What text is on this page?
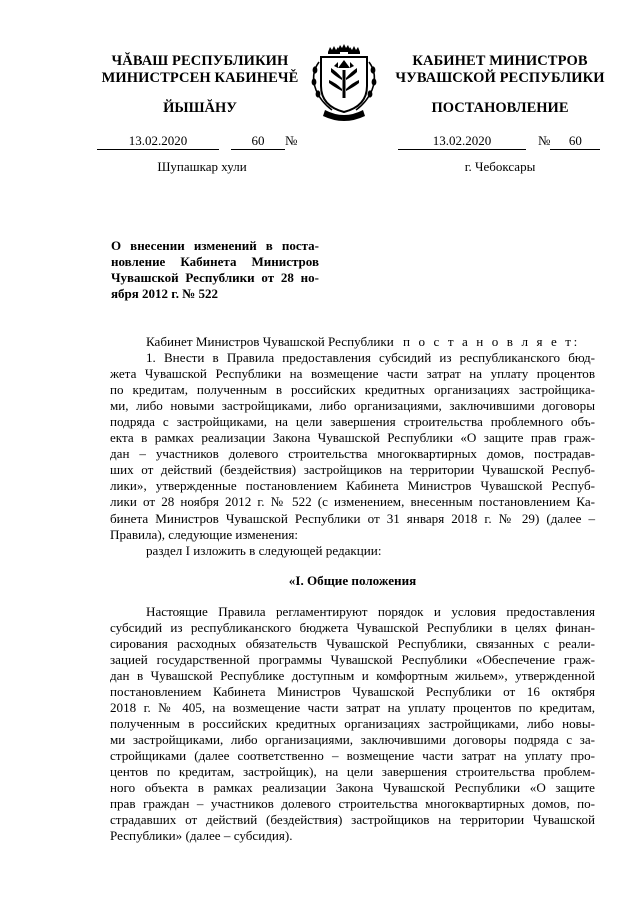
ЧĂВАШ РЕСПУБЛИКИН
МИНИСТРСЕН КАБИНЕЧĚ
ЙЫШĂНУ
КАБИНЕТ МИНИСТРОВ
ЧУВАШСКОЙ РЕСПУБЛИКИ
ПОСТАНОВЛЕНИЕ
13.02.2020	60 №	13.02.2020	№ 60
Шупашкар хули	г. Чебоксары
О внесении изменений в поста-
новление Кабинета Министров
Чувашской Республики от 28 но-
ября 2012 г. № 522
Кабинет Министров Чувашской Республики п о с т а н о в л я е т:
1. Внести в Правила предоставления субсидий из республиканского бюд-
жета Чувашской Республики на возмещение части затрат на уплату процентов
по кредитам, полученным в российских кредитных организациях застройщика-
ми, либо новыми застройщиками, либо организациями, заключившими договоры
подряда с застройщиками, на цели завершения строительства проблемного объ-
екта в рамках реализации Закона Чувашской Республики «О защите прав граж-
дан – участников долевого строительства многоквартирных домов, пострадав-
ших от действий (бездействия) застройщиков на территории Чувашской Респуб-
лики», утвержденные постановлением Кабинета Министров Чувашской Респуб-
лики от 28 ноября 2012 г. № 522 (с изменением, внесенным постановлением Ка-
бинета Министров Чувашской Республики от 31 января 2018 г. № 29) (далее –
Правила), следующие изменения:
раздел I изложить в следующей редакции:
«I. Общие положения
Настоящие Правила регламентируют порядок и условия предоставления
субсидий из республиканского бюджета Чувашской Республики в целях финан-
сирования расходных обязательств Чувашской Республики, связанных с реали-
зацией государственной программы Чувашской Республики «Обеспечение граж-
дан в Чувашской Республике доступным и комфортным жильем», утвержденной
постановлением Кабинета Министров Чувашской Республики от 16 октября
2018 г. № 405, на возмещение части затрат на уплату процентов по кредитам,
полученным в российских кредитных организациях застройщиками, либо новы-
ми застройщиками, либо организациями, заключившими договоры подряда с за-
стройщиками (далее соответственно – возмещение части затрат на уплату про-
центов по кредитам, застройщик), на цели завершения строительства проблем-
ного объекта в рамках реализации Закона Чувашской Республики «О защите
прав граждан – участников долевого строительства многоквартирных домов, по-
страдавших от действий (бездействия) застройщиков на территории Чувашской
Республики» (далее – субсидия).
